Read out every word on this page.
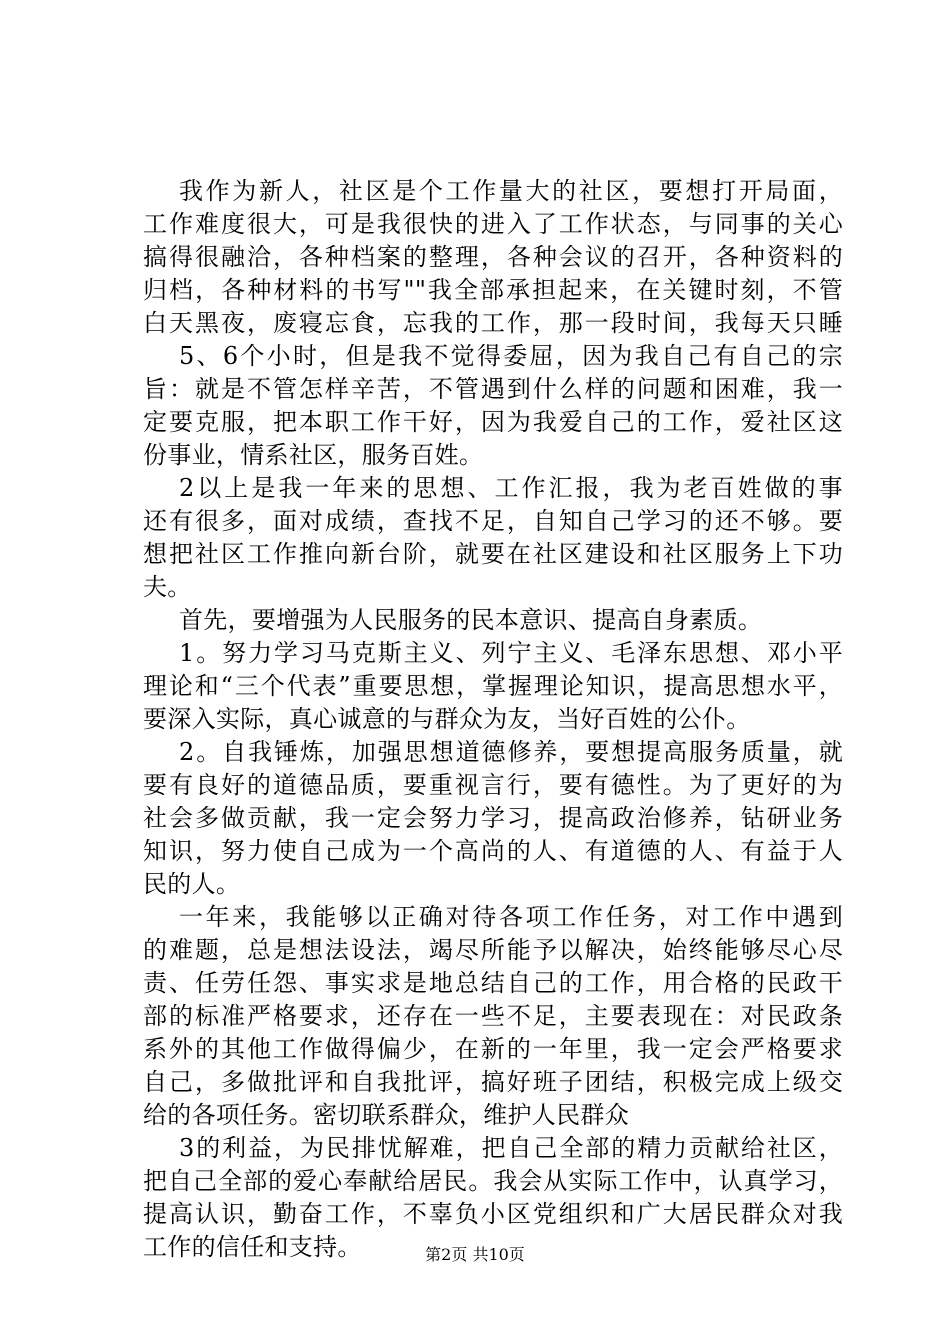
我作为新人，社区是个工作量大的社区，要想打开局面，
工作难度很大，可是我很快的进入了工作状态，与同事的关心
搞得很融洽，各种档案的整理，各种会议的召开，各种资料的
归档，各种材料的书写""我全部承担起来，在关键时刻，不管
白天黑夜，废寝忘食，忘我的工作，那一段时间，我每天只睡
5、6个小时，但是我不觉得委屈，因为我自己有自己的宗
旨：就是不管怎样辛苦，不管遇到什么样的问题和困难，我一
定要克服，把本职工作干好，因为我爱自己的工作，爱社区这
份事业，情系社区，服务百姓。
2以上是我一年来的思想、工作汇报，我为老百姓做的事
还有很多，面对成绩，查找不足，自知自己学习的还不够。要
想把社区工作推向新台阶，就要在社区建设和社区服务上下功
夫。
首先，要增强为人民服务的民本意识、提高自身素质。
1。努力学习马克斯主义、列宁主义、毛泽东思想、邓小平
理论和“三个代表”重要思想，掌握理论知识，提高思想水平，
要深入实际，真心诚意的与群众为友，当好百姓的公仆。
2。自我锤炼，加强思想道德修养，要想提高服务质量，就
要有良好的道德品质，要重视言行，要有德性。为了更好的为
社会多做贡献，我一定会努力学习，提高政治修养，钻研业务
知识，努力使自己成为一个高尚的人、有道德的人、有益于人
民的人。
一年来，我能够以正确对待各项工作任务，对工作中遇到
的难题，总是想法设法，竭尽所能予以解决，始终能够尽心尽
责、任劳任怨、事实求是地总结自己的工作，用合格的民政干
部的标准严格要求，还存在一些不足，主要表现在：对民政条
系外的其他工作做得偏少，在新的一年里，我一定会严格要求
自己，多做批评和自我批评，搞好班子团结，积极完成上级交
给的各项任务。密切联系群众，维护人民群众
3的利益，为民排忧解难，把自己全部的精力贡献给社区，
把自己全部的爱心奉献给居民。我会从实际工作中，认真学习，
提高认识，勤奋工作，不辜负小区党组织和广大居民群众对我
工作的信任和支持。	第2页 共10页
